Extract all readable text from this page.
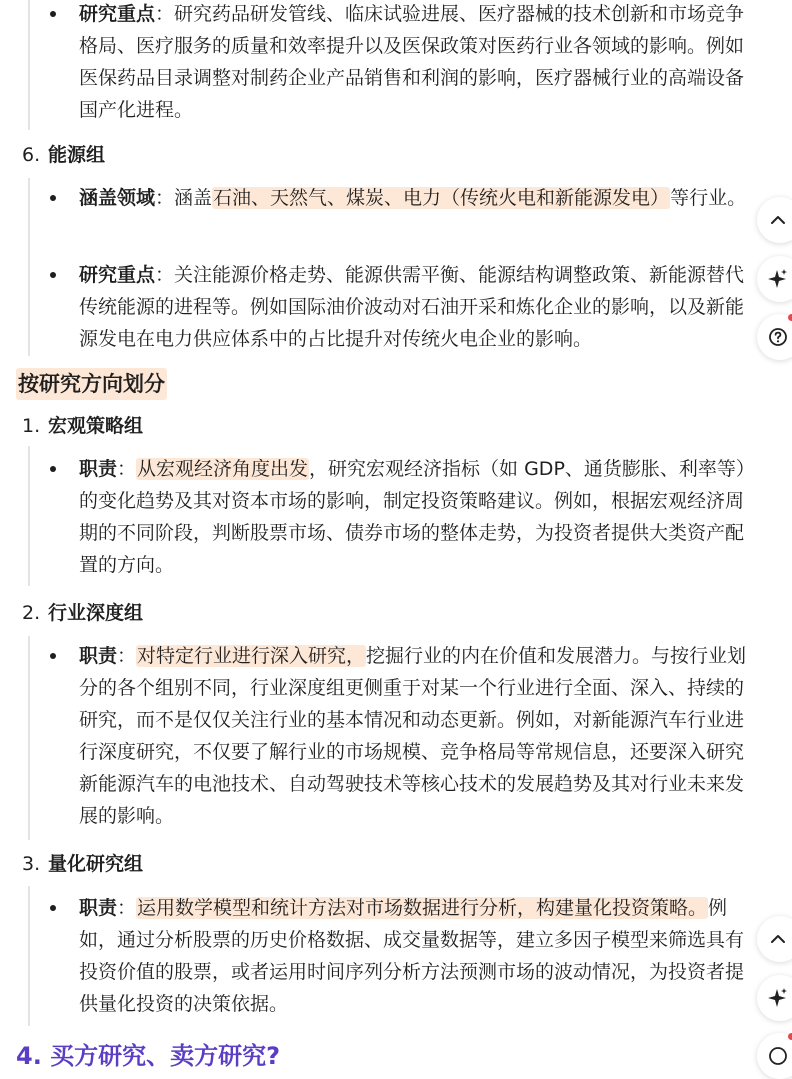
研究重点：研究药品研发管线、临床试验进展、医疗器械的技术创新和市场竞争格局、医疗服务的质量和效率提升以及医保政策对医药行业各领域的影响。例如医保药品目录调整对制药企业产品销售和利润的影响，医疗器械行业的高端设备国产化进程。
6. 能源组
涵盖领域：涵盖石油、天然气、煤炭、电力（传统火电和新能源发电）等行业。
研究重点：关注能源价格走势、能源供需平衡、能源结构调整政策、新能源替代传统能源的进程等。例如国际油价波动对石油开采和炼化企业的影响，以及新能源发电在电力供应体系中的占比提升对传统火电企业的影响。
按研究方向划分
1. 宏观策略组
职责：从宏观经济角度出发，研究宏观经济指标（如 GDP、通货膨胀、利率等）的变化趋势及其对资本市场的影响，制定投资策略建议。例如，根据宏观经济周期的不同阶段，判断股票市场、债券市场的整体走势，为投资者提供大类资产配置的方向。
2. 行业深度组
职责：对特定行业进行深入研究，挖掘行业的内在价值和发展潜力。与按行业划分的各个组别不同，行业深度组更侧重于对某一个行业进行全面、深入、持续的研究，而不是仅仅关注行业的基本情况和动态更新。例如，对新能源汽车行业进行深度研究，不仅要了解行业的市场规模、竞争格局等常规信息，还要深入研究新能源汽车的电池技术、自动驾驶技术等核心技术的发展趋势及其对行业未来发展的影响。
3. 量化研究组
职责：运用数学模型和统计方法对市场数据进行分析，构建量化投资策略。例如，通过分析股票的历史价格数据、成交量数据等，建立多因子模型来筛选具有投资价值的股票，或者运用时间序列分析方法预测市场的波动情况，为投资者提供量化投资的决策依据。
4. 买方研究、卖方研究?
